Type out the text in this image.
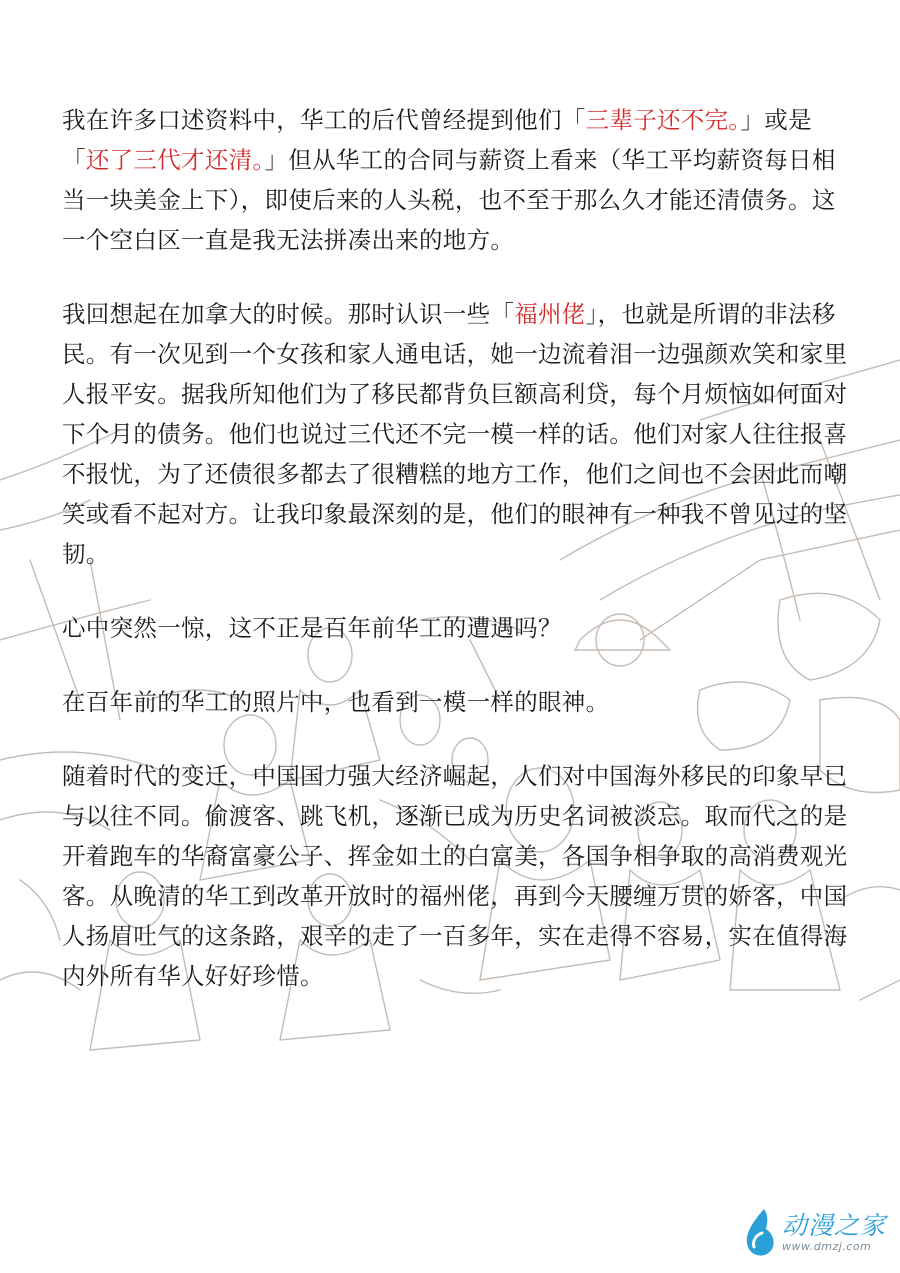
我在许多口述资料中，华工的后代曾经提到他们「三辈子还不完。」或是「还了三代才还清。」但从华工的合同与薪资上看来（华工平均薪资每日相当一块美金上下），即使后来的人头税，也不至于那么久才能还清债务。这一个空白区一直是我无法拼凑出来的地方。

我回想起在加拿大的时候。那时认识一些「福州佬」，也就是所谓的非法移民。有一次见到一个女孩和家人通电话，她一边流着泪一边强颜欢笑和家里人报平安。据我所知他们为了移民都背负巨额高利贷，每个月烦恼如何面对下个月的债务。他们也说过三代还不完一模一样的话。他们对家人往往报喜不报忧，为了还债很多都去了很糟糕的地方工作，他们之间也不会因此而嘲笑或看不起对方。让我印象最深刻的是，他们的眼神有一种我不曾见过的坚韧。

心中突然一惊，这不正是百年前华工的遭遇吗？

在百年前的华工的照片中，也看到一模一样的眼神。

随着时代的变迁，中国国力强大经济崛起，人们对中国海外移民的印象早已与以往不同。偷渡客、跳飞机，逐渐已成为历史名词被淡忘。取而代之的是开着跑车的华裔富豪公子、挥金如土的白富美，各国争相争取的高消费观光客。从晚清的华工到改革开放时的福州佬，再到今天腰缠万贯的娇客，中国人扬眉吐气的这条路，艰辛的走了一百多年，实在走得不容易，实在值得海内外所有华人好好珍惜。

动漫之家
www.dmzj.com
